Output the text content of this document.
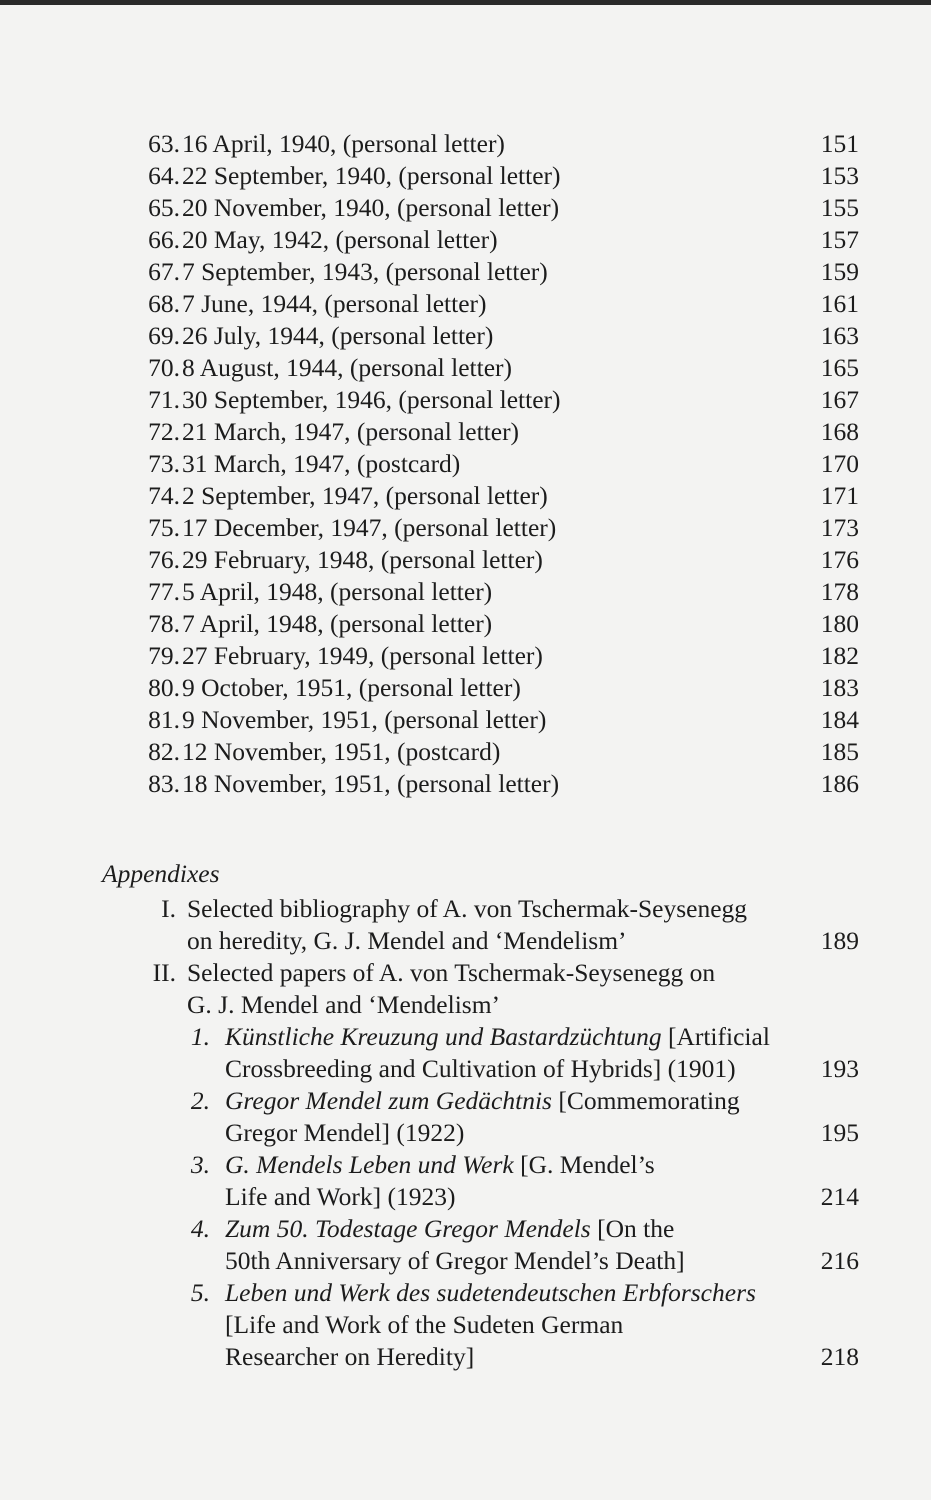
63. 16 April, 1940, (personal letter)	151
64. 22 September, 1940, (personal letter)	153
65. 20 November, 1940, (personal letter)	155
66. 20 May, 1942, (personal letter)	157
67. 7 September, 1943, (personal letter)	159
68. 7 June, 1944, (personal letter)	161
69. 26 July, 1944, (personal letter)	163
70. 8 August, 1944, (personal letter)	165
71. 30 September, 1946, (personal letter)	167
72. 21 March, 1947, (personal letter)	168
73. 31 March, 1947, (postcard)	170
74. 2 September, 1947, (personal letter)	171
75. 17 December, 1947, (personal letter)	173
76. 29 February, 1948, (personal letter)	176
77. 5 April, 1948, (personal letter)	178
78. 7 April, 1948, (personal letter)	180
79. 27 February, 1949, (personal letter)	182
80. 9 October, 1951, (personal letter)	183
81. 9 November, 1951, (personal letter)	184
82. 12 November, 1951, (postcard)	185
83. 18 November, 1951, (personal letter)	186
Appendixes
I. Selected bibliography of A. von Tschermak-Seysenegg
on heredity, G. J. Mendel and ‘Mendelism’	189
II. Selected papers of A. von Tschermak-Seysenegg on
G. J. Mendel and ‘Mendelism’
1. Künstliche Kreuzung und Bastardzüchtung [Artificial
Crossbreeding and Cultivation of Hybrids] (1901)	193
2. Gregor Mendel zum Gedächtnis [Commemorating
Gregor Mendel] (1922)	195
3. G. Mendels Leben und Werk [G. Mendel’s
Life and Work] (1923)	214
4. Zum 50. Todestage Gregor Mendels [On the
50th Anniversary of Gregor Mendel’s Death]	216
5. Leben und Werk des sudetendeutschen Erbforschers
[Life and Work of the Sudeten German
Researcher on Heredity]	218
